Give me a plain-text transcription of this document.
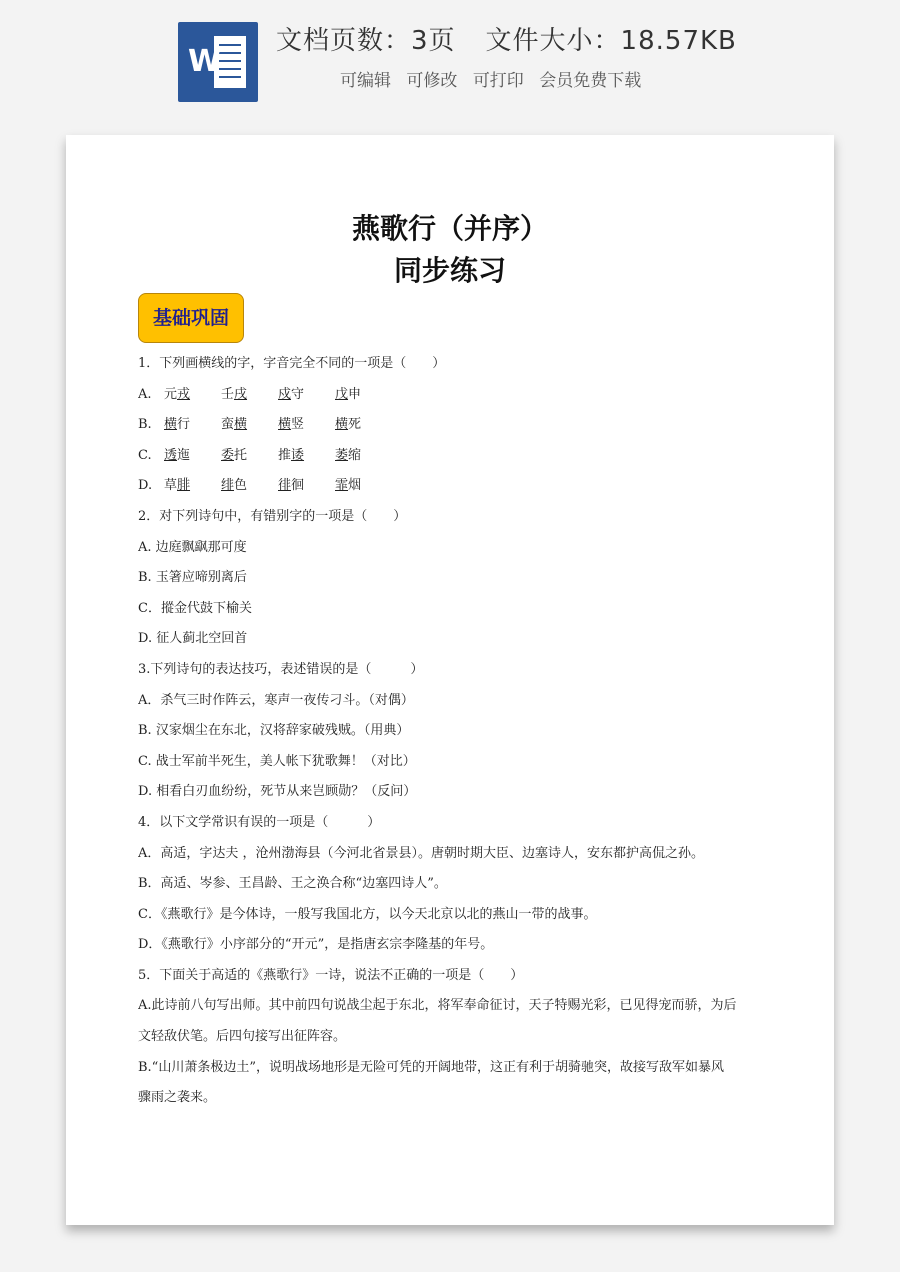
W
文档页数：3页 文件大小：18.57KB
可编辑 可修改 可打印 会员免费下载
燕歌行（并序）
同步练习
基础巩固
1．下列画横线的字，字音完全不同的一项是（　　）
A. 元戎	壬戌	戍守	戊申
B. 横行	蛮横	横竖	横死
C. 透迤	委托	推诿	萎缩
D. 草腓	绯色	徘徊	霏烟
2．对下列诗句中，有错别字的一项是（　　）
A. 边庭飘飖那可度
B. 玉箸应啼别离后
C．摐金代鼓下榆关
D. 征人蓟北空回首
3.下列诗句的表达技巧，表述错误的是（　　　）
A．杀气三时作阵云，寒声一夜传刁斗。（对偶）
B. 汉家烟尘在东北，汉将辞家破残贼。（用典）
C. 战士军前半死生，美人帐下犹歌舞！（对比）
D. 相看白刃血纷纷，死节从来岂顾勋？（反问）
4．以下文学常识有误的一项是（　　　）
A．高适，字达夫 ，沧州渤海县（今河北省景县）。唐朝时期大臣、边塞诗人，安东都护高侃之孙。
B．高适、岑参、王昌龄、王之涣合称“边塞四诗人”。
C．《燕歌行》是今体诗，一般写我国北方，以今天北京以北的燕山一带的战事。
D．《燕歌行》小序部分的“开元”，是指唐玄宗李隆基的年号。
5．下面关于高适的《燕歌行》一诗，说法不正确的一项是（　　）
A.此诗前八句写出师。其中前四句说战尘起于东北，将军奉命征讨，天子特赐光彩，已见得宠而骄，为后
文轻敌伏笔。后四句接写出征阵容。
B.“山川萧条极边土”，说明战场地形是无险可凭的开阔地带，这正有利于胡骑驰突，故接写敌军如暴风
骤雨之袭来。
